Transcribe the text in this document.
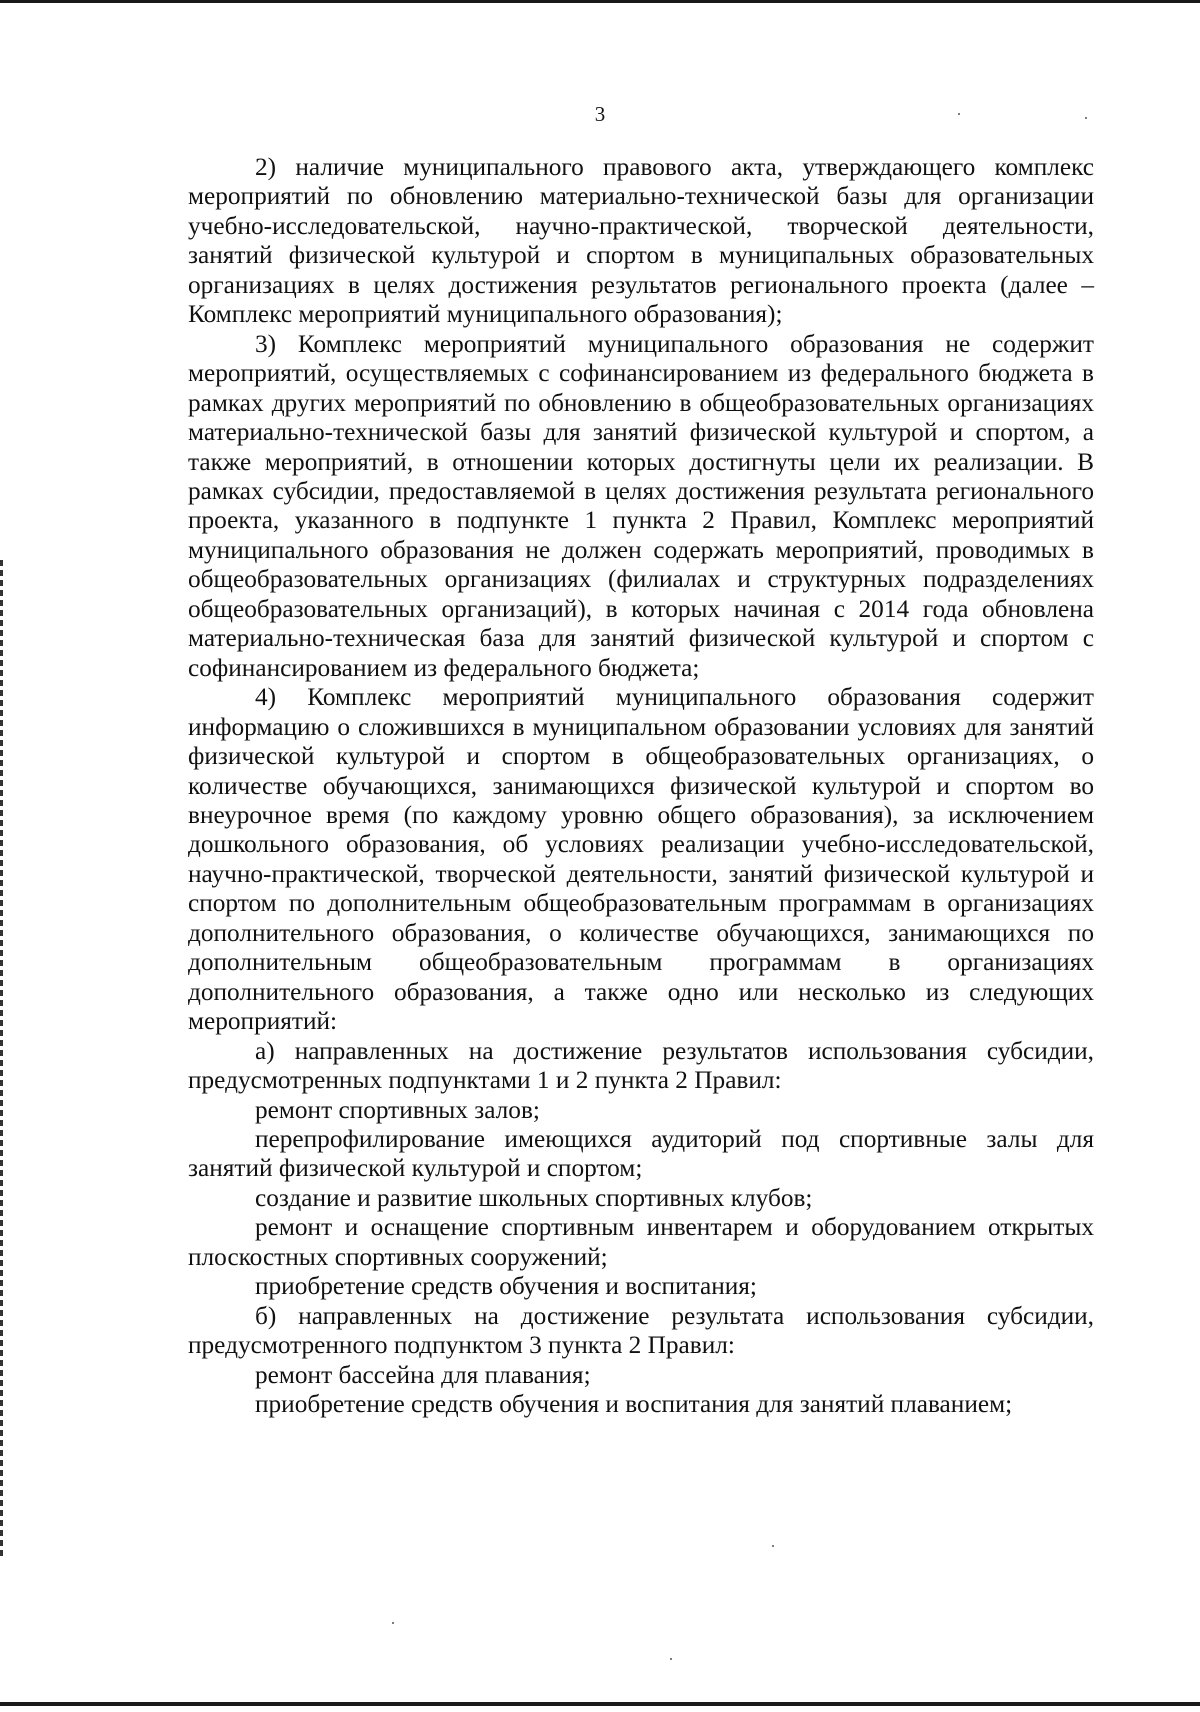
3

2) наличие муниципального правового акта, утверждающего комплекс мероприятий по обновлению материально-технической базы для организации учебно-исследовательской, научно-практической, творческой деятельности, занятий физической культурой и спортом в муниципальных образовательных организациях в целях достижения результатов регионального проекта (далее – Комплекс мероприятий муниципального образования);

3) Комплекс мероприятий муниципального образования не содержит мероприятий, осуществляемых с софинансированием из федерального бюджета в рамках других мероприятий по обновлению в общеобразовательных организациях материально-технической базы для занятий физической культурой и спортом, а также мероприятий, в отношении которых достигнуты цели их реализации. В рамках субсидии, предоставляемой в целях достижения результата регионального проекта, указанного в подпункте 1 пункта 2 Правил, Комплекс мероприятий муниципального образования не должен содержать мероприятий, проводимых в общеобразовательных организациях (филиалах и структурных подразделениях общеобразовательных организаций), в которых начиная с 2014 года обновлена материально-техническая база для занятий физической культурой и спортом с софинансированием из федерального бюджета;

4) Комплекс мероприятий муниципального образования содержит информацию о сложившихся в муниципальном образовании условиях для занятий физической культурой и спортом в общеобразовательных организациях, о количестве обучающихся, занимающихся физической культурой и спортом во внеурочное время (по каждому уровню общего образования), за исключением дошкольного образования, об условиях реализации учебно-исследовательской, научно-практической, творческой деятельности, занятий физической культурой и спортом по дополнительным общеобразовательным программам в организациях дополнительного образования, о количестве обучающихся, занимающихся по дополнительным общеобразовательным программам в организациях дополнительного образования, а также одно или несколько из следующих мероприятий:

а) направленных на достижение результатов использования субсидии, предусмотренных подпунктами 1 и 2 пункта 2 Правил:

ремонт спортивных залов;

перепрофилирование имеющихся аудиторий под спортивные залы для занятий физической культурой и спортом;

создание и развитие школьных спортивных клубов;

ремонт и оснащение спортивным инвентарем и оборудованием открытых плоскостных спортивных сооружений;

приобретение средств обучения и воспитания;

б) направленных на достижение результата использования субсидии, предусмотренного подпунктом 3 пункта 2 Правил:

ремонт бассейна для плавания;

приобретение средств обучения и воспитания для занятий плаванием;
